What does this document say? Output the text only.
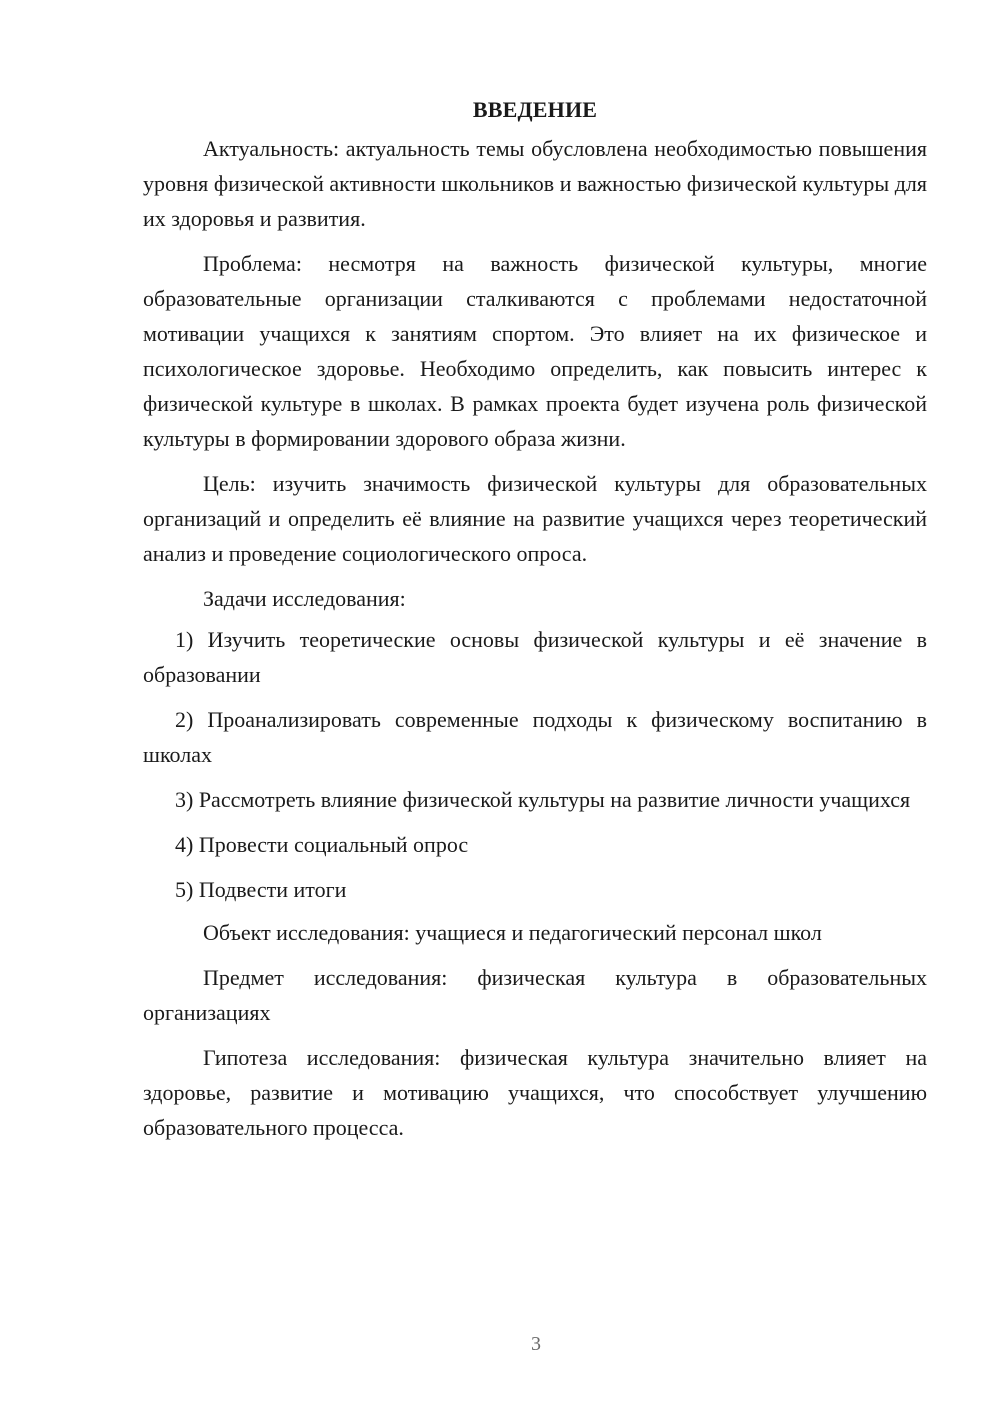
ВВЕДЕНИЕ

Актуальность: актуальность темы обусловлена необходимостью повышения уровня физической активности школьников и важностью физической культуры для их здоровья и развития.

Проблема: несмотря на важность физической культуры, многие образовательные организации сталкиваются с проблемами недостаточной мотивации учащихся к занятиям спортом. Это влияет на их физическое и психологическое здоровье. Необходимо определить, как повысить интерес к физической культуре в школах. В рамках проекта будет изучена роль физической культуры в формировании здорового образа жизни.

Цель: изучить значимость физической культуры для образовательных организаций и определить её влияние на развитие учащихся через теоретический анализ и проведение социологического опроса.

Задачи исследования:

1) Изучить теоретические основы физической культуры и её значение в образовании

2) Проанализировать современные подходы к физическому воспитанию в школах

3) Рассмотреть влияние физической культуры на развитие личности учащихся

4) Провести социальный опрос

5) Подвести итоги

Объект исследования: учащиеся и педагогический персонал школ

Предмет исследования: физическая культура в образовательных организациях

Гипотеза исследования: физическая культура значительно влияет на здоровье, развитие и мотивацию учащихся, что способствует улучшению образовательного процесса.

3
